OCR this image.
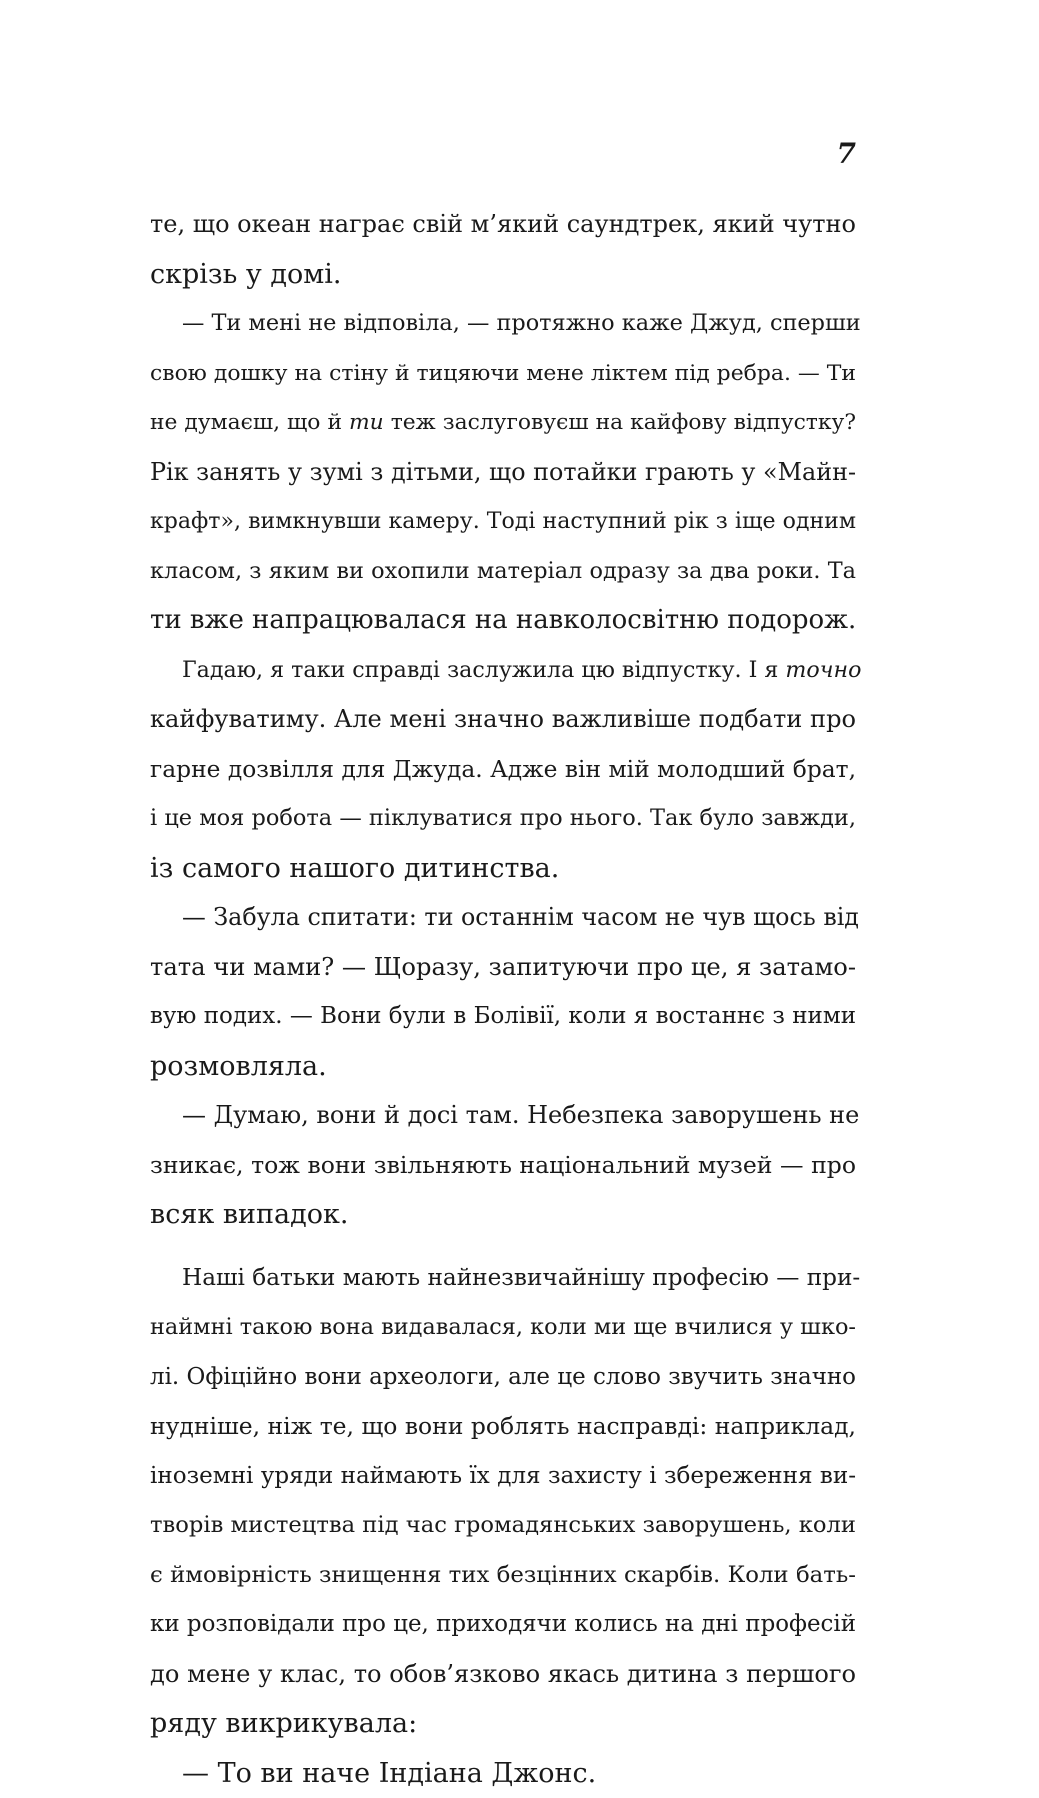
7
те, що океан награє свій м’який саундтрек, який чутно
скрізь у домі.
— Ти мені не відповіла, — протяжно каже Джуд, сперши
свою дошку на стіну й тицяючи мене ліктем під ребра. — Ти
не думаєш, що й ти теж заслуговуєш на кайфову відпустку?
Рік занять у зумі з дітьми, що потайки грають у «Майн-
крафт», вимкнувши камеру. Тоді наступний рік з іще одним
класом, з яким ви охопили матеріал одразу за два роки. Та
ти вже напрацювалася на навколосвітню подорож.
Гадаю, я таки справді заслужила цю відпустку. І я точно
кайфуватиму. Але мені значно важливіше подбати про
гарне дозвілля для Джуда. Адже він мій молодший брат,
і це моя робота — піклуватися про нього. Так було завжди,
із самого нашого дитинства.
— Забула спитати: ти останнім часом не чув щось від
тата чи мами? — Щоразу, запитуючи про це, я затамо-
вую подих. — Вони були в Болівії, коли я востаннє з ними
розмовляла.
— Думаю, вони й досі там. Небезпека заворушень не
зникає, тож вони звільняють національний музей — про
всяк випадок.
Наші батьки мають найнезвичайнішу професію — при-
наймні такою вона видавалася, коли ми ще вчилися у шко-
лі. Офіційно вони археологи, але це слово звучить значно
нудніше, ніж те, що вони роблять насправді: наприклад,
іноземні уряди наймають їх для захисту і збереження ви-
творів мистецтва під час громадянських заворушень, коли
є ймовірність знищення тих безцінних скарбів. Коли бать-
ки розповідали про це, приходячи колись на дні професій
до мене у клас, то обов’язково якась дитина з першого
ряду викрикувала:
— То ви наче Індіана Джонс.
